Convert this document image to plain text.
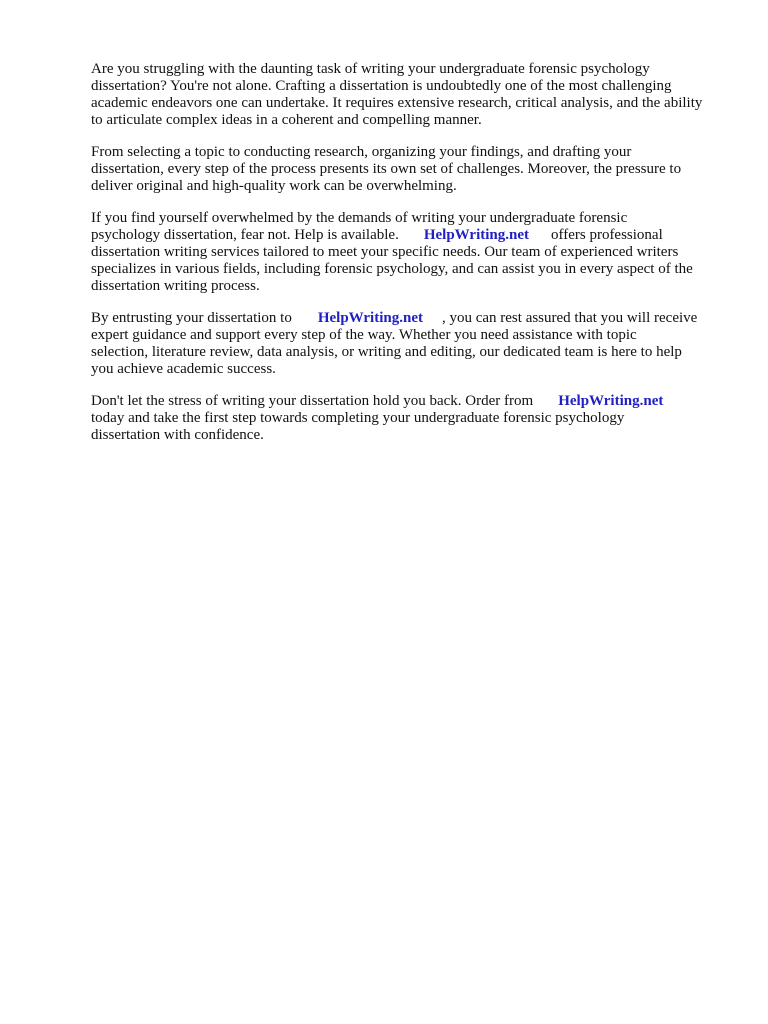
Are you struggling with the daunting task of writing your undergraduate forensic psychology
dissertation? You're not alone. Crafting a dissertation is undoubtedly one of the most challenging
academic endeavors one can undertake. It requires extensive research, critical analysis, and the ability
to articulate complex ideas in a coherent and compelling manner.

From selecting a topic to conducting research, organizing your findings, and drafting your
dissertation, every step of the process presents its own set of challenges. Moreover, the pressure to
deliver original and high-quality work can be overwhelming.

If you find yourself overwhelmed by the demands of writing your undergraduate forensic
psychology dissertation, fear not. Help is available. HelpWriting.net offers professional
dissertation writing services tailored to meet your specific needs. Our team of experienced writers
specializes in various fields, including forensic psychology, and can assist you in every aspect of the
dissertation writing process.

By entrusting your dissertation to HelpWriting.net , you can rest assured that you will receive
expert guidance and support every step of the way. Whether you need assistance with topic
selection, literature review, data analysis, or writing and editing, our dedicated team is here to help
you achieve academic success.

Don't let the stress of writing your dissertation hold you back. Order from HelpWriting.net
today and take the first step towards completing your undergraduate forensic psychology
dissertation with confidence.
